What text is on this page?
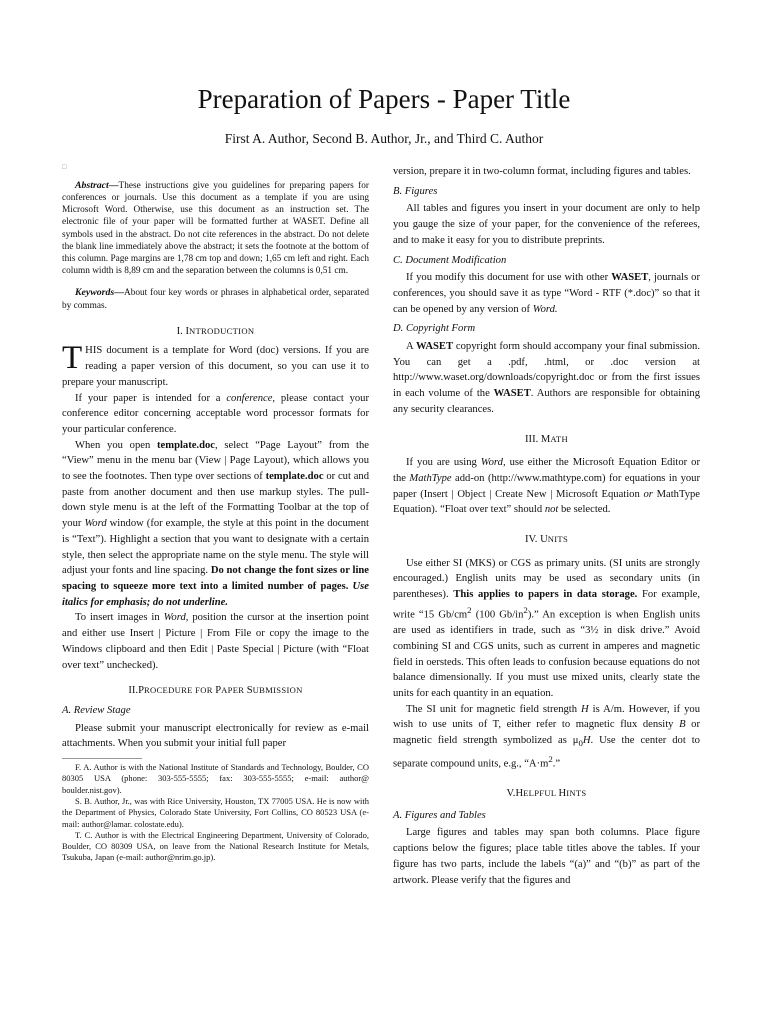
Preparation of Papers - Paper Title
First A. Author, Second B. Author, Jr., and Third C. Author
□

Abstract—These instructions give you guidelines for preparing papers for conferences or journals. Use this document as a template if you are using Microsoft Word. Otherwise, use this document as an instruction set. The electronic file of your paper will be formatted further at WASET. Define all symbols used in the abstract. Do not cite references in the abstract. Do not delete the blank line immediately above the abstract; it sets the footnote at the bottom of this column. Page margins are 1,78 cm top and down; 1,65 cm left and right. Each column width is 8,89 cm and the separation between the columns is 0,51 cm.

Keywords—About four key words or phrases in alphabetical order, separated by commas.

I. INTRODUCTION

THIS document is a template for Word (doc) versions. If you are reading a paper version of this document, so you can use it to prepare your manuscript.

If your paper is intended for a conference, please contact your conference editor concerning acceptable word processor formats for your particular conference.

When you open template.doc, select “Page Layout” from the “View” menu in the menu bar (View | Page Layout), which allows you to see the footnotes. Then type over sections of template.doc or cut and paste from another document and then use markup styles. The pull-down style menu is at the left of the Formatting Toolbar at the top of your Word window (for example, the style at this point in the document is “Text”). Highlight a section that you want to designate with a certain style, then select the appropriate name on the style menu. The style will adjust your fonts and line spacing. Do not change the font sizes or line spacing to squeeze more text into a limited number of pages. Use italics for emphasis; do not underline.

To insert images in Word, position the cursor at the insertion point and either use Insert | Picture | From File or copy the image to the Windows clipboard and then Edit | Paste Special | Picture (with “Float over text” unchecked).

II.PROCEDURE FOR PAPER SUBMISSION
A. Review Stage

Please submit your manuscript electronically for review as e-mail attachments. When you submit your initial full paper

F. A. Author is with the National Institute of Standards and Technology, Boulder, CO 80305 USA (phone: 303-555-5555; fax: 303-555-5555; e-mail: author@ boulder.nist.gov).

S. B. Author, Jr., was with Rice University, Houston, TX 77005 USA. He is now with the Department of Physics, Colorado State University, Fort Collins, CO 80523 USA (e-mail: author@lamar. colostate.edu).

T. C. Author is with the Electrical Engineering Department, University of Colorado, Boulder, CO 80309 USA, on leave from the National Research Institute for Metals, Tsukuba, Japan (e-mail: author@nrim.go.jp).

version, prepare it in two-column format, including figures and tables.

B. Figures

All tables and figures you insert in your document are only to help you gauge the size of your paper, for the convenience of the referees, and to make it easy for you to distribute preprints.

C. Document Modification

If you modify this document for use with other WASET, journals or conferences, you should save it as type “Word - RTF (*.doc)” so that it can be opened by any version of Word.

D. Copyright Form

A WASET copyright form should accompany your final submission. You can get a .pdf, .html, or .doc version at http://www.waset.org/downloads/copyright.doc or from the first issues in each volume of the WASET. Authors are responsible for obtaining any security clearances.

III. MATH

If you are using Word, use either the Microsoft Equation Editor or the MathType add-on (http://www.mathtype.com) for equations in your paper (Insert | Object | Create New | Microsoft Equation or MathType Equation). “Float over text” should not be selected.

IV. UNITS

Use either SI (MKS) or CGS as primary units. (SI units are strongly encouraged.) English units may be used as secondary units (in parentheses). This applies to papers in data storage. For example, write “15 $Gb/cm^2$ (100 $Gb/in^2$).” An exception is when English units are used as identifiers in trade, such as “3½ in disk drive.” Avoid combining SI and CGS units, such as current in amperes and magnetic field in oersteds. This often leads to confusion because equations do not balance dimensionally. If you must use mixed units, clearly state the units for each quantity in an equation.

The SI unit for magnetic field strength H is A/m. However, if you wish to use units of T, either refer to magnetic flux density B or magnetic field strength symbolized as $\mu_0H$. Use the center dot to separate compound units, e.g., “$A\cdot m^2$.”

V.HELPFUL HINTS
A. Figures and Tables

Large figures and tables may span both columns. Place figure captions below the figures; place table titles above the tables. If your figure has two parts, include the labels “(a)” and “(b)” as part of the artwork. Please verify that the figures and
